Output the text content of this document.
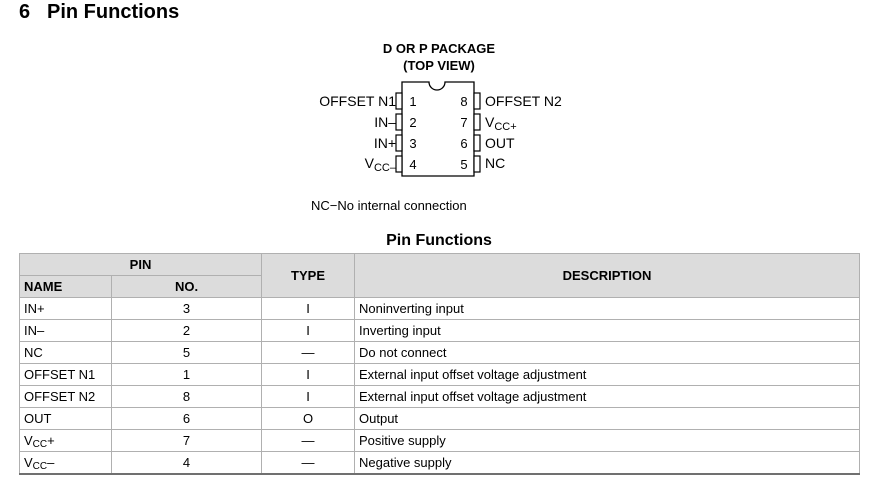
6 Pin Functions
D OR P PACKAGE
(TOP VIEW)
1
2
3
4
8
7
6
5
OFFSET N1
IN–
IN+
$V_{CC-}$
OFFSET N2
$V_{CC+}$
OUT
NC
NC−No internal connection
Pin Functions
PIN		TYPE	DESCRIPTION
NAME	NO.		
IN+	3	I	Noninverting input
IN–	2	I	Inverting input
NC	5	—	Do not connect
OFFSET N1	1	I	External input offset voltage adjustment
OFFSET N2	8	I	External input offset voltage adjustment
OUT	6	O	Output
$V_{CC}+$	7	—	Positive supply
$V_{CC}-$	4	—	Negative supply
